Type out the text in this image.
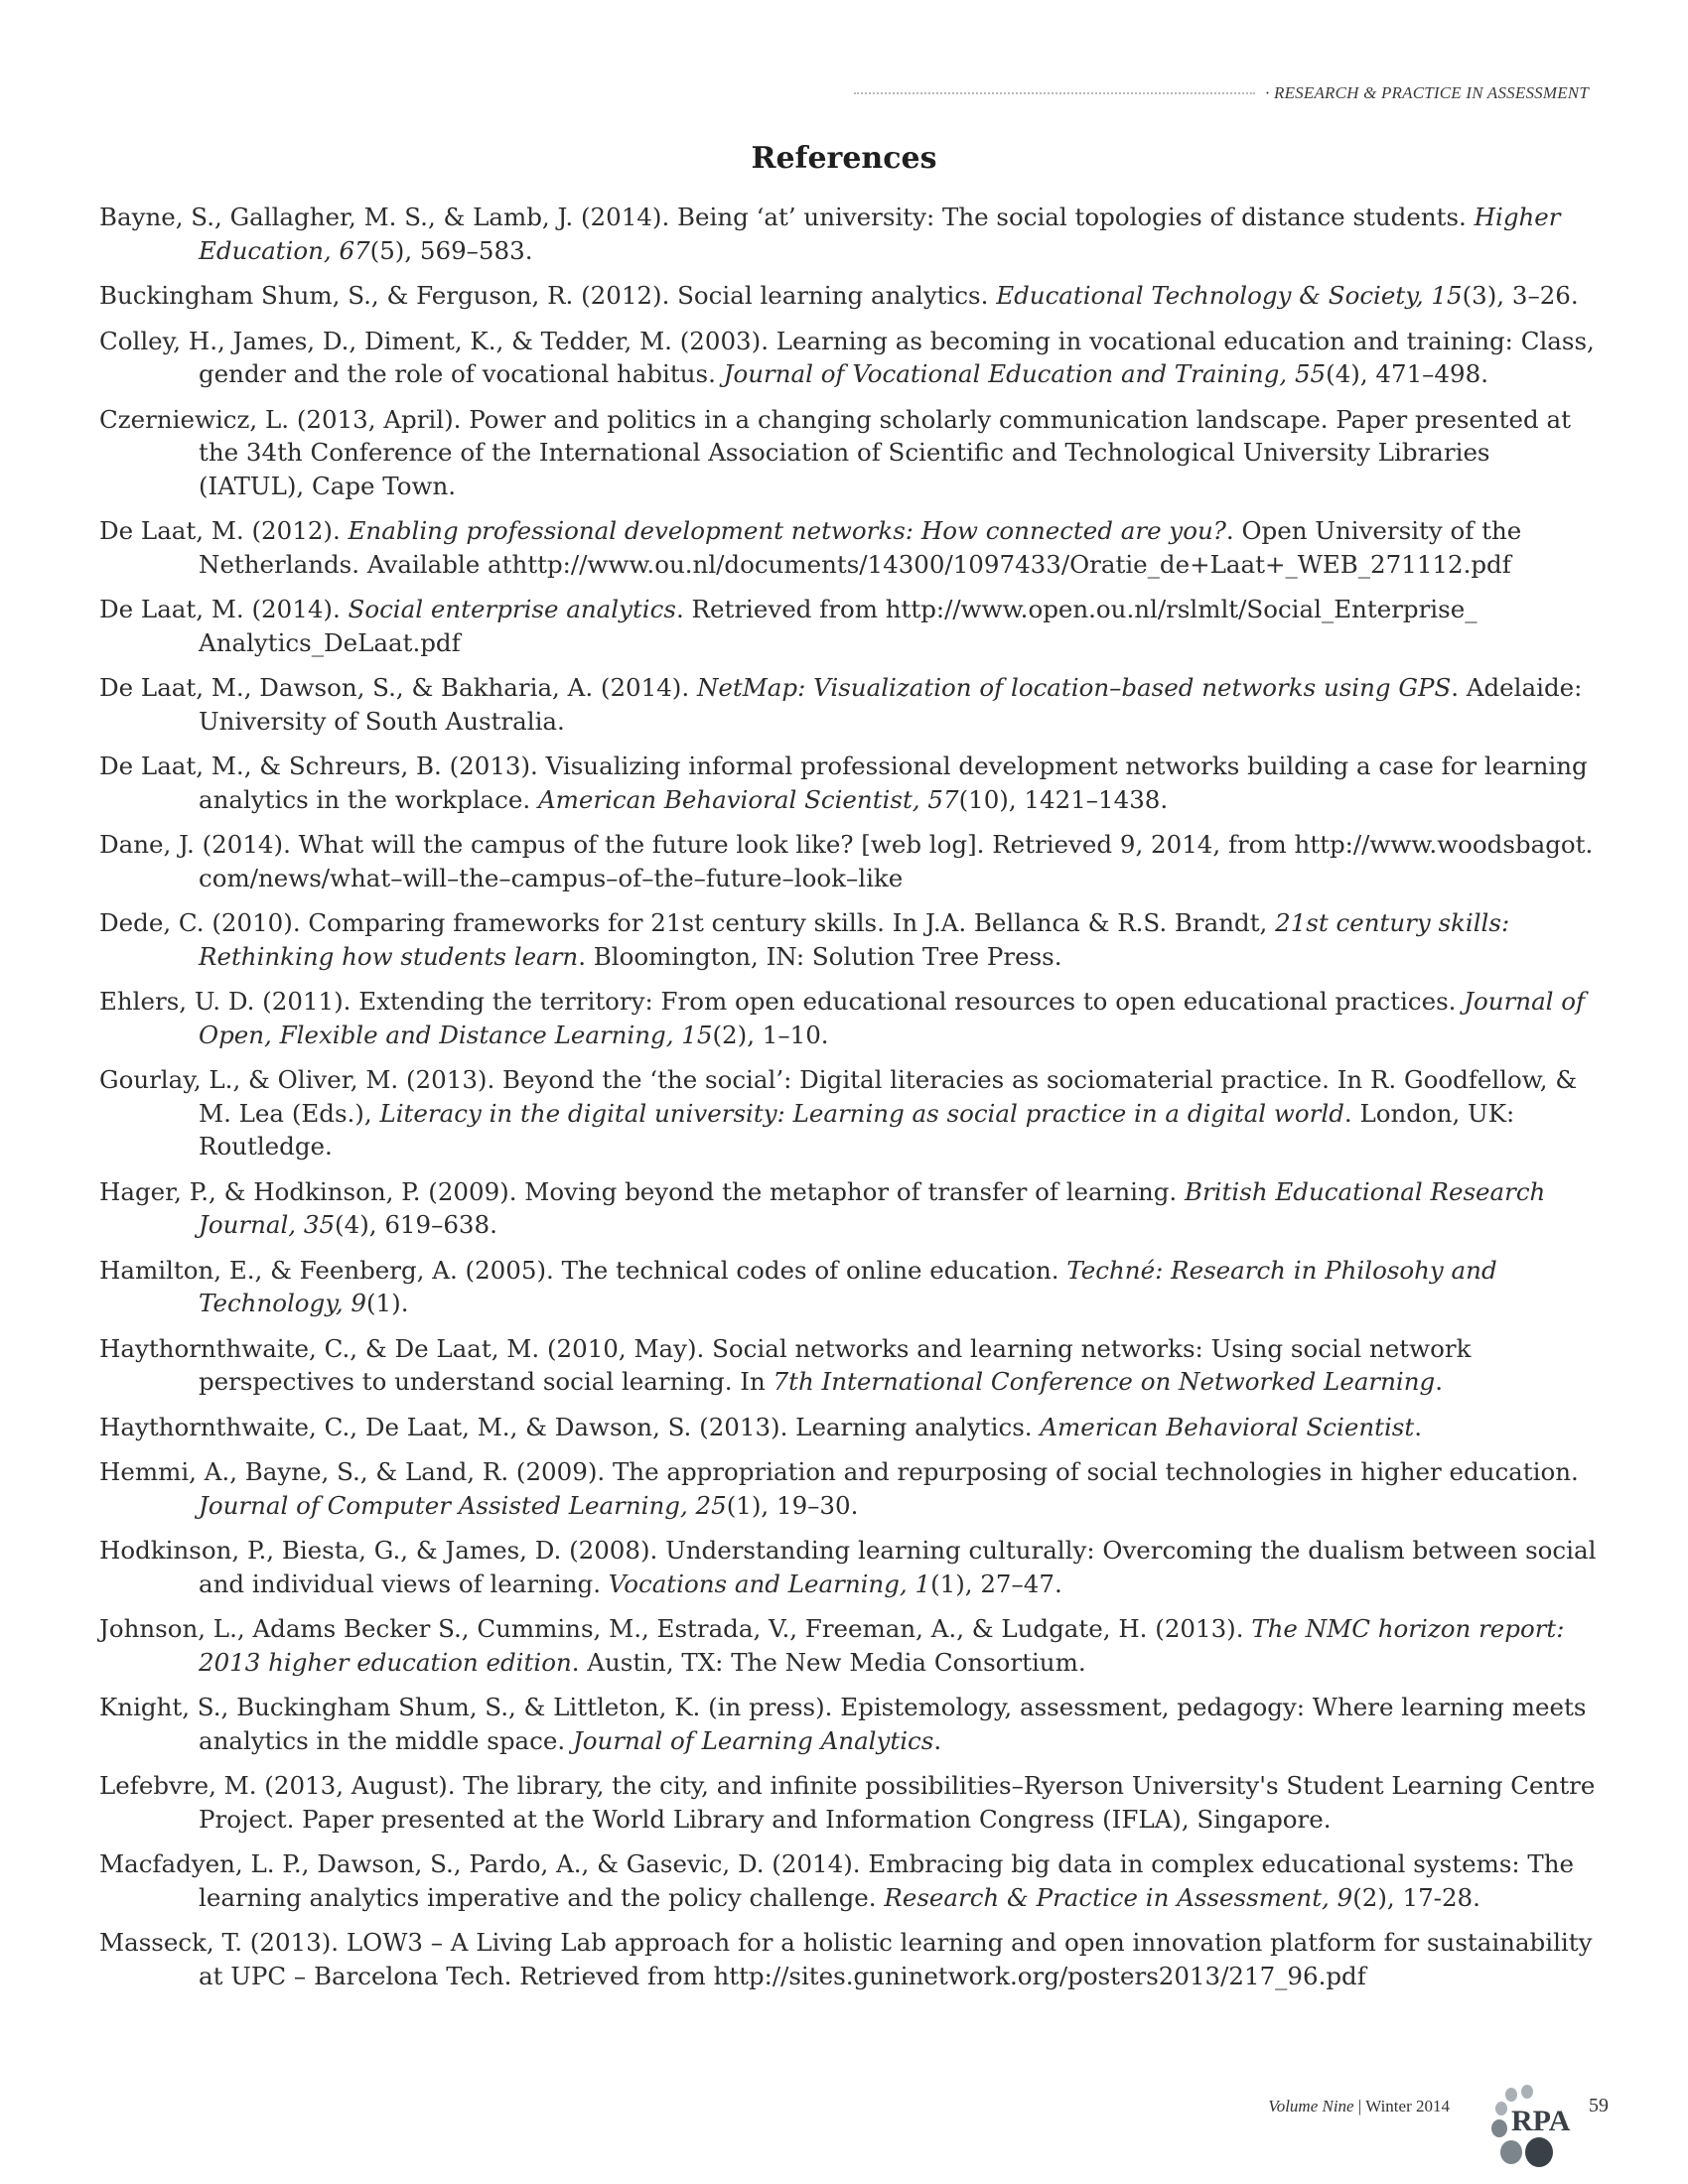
· RESEARCH & PRACTICE IN ASSESSMENT
References
Bayne, S., Gallagher, M. S., & Lamb, J. (2014). Being ‘at’ university: The social topologies of distance students. Higher Education, 67(5), 569–583.
Buckingham Shum, S., & Ferguson, R. (2012). Social learning analytics. Educational Technology & Society, 15(3), 3–26.
Colley, H., James, D., Diment, K., & Tedder, M. (2003). Learning as becoming in vocational education and training: Class, gender and the role of vocational habitus. Journal of Vocational Education and Training, 55(4), 471–498.
Czerniewicz, L. (2013, April). Power and politics in a changing scholarly communication landscape. Paper presented at the 34th Conference of the International Association of Scientific and Technological University Libraries (IATUL), Cape Town.
De Laat, M. (2012). Enabling professional development networks: How connected are you?. Open University of the Netherlands. Available athttp://www.ou.nl/documents/14300/1097433/Oratie_de+Laat+_WEB_271112.pdf
De Laat, M. (2014). Social enterprise analytics. Retrieved from http://www.open.ou.nl/rslmlt/Social_Enterprise_ Analytics_DeLaat.pdf
De Laat, M., Dawson, S., & Bakharia, A. (2014). NetMap: Visualization of location–based networks using GPS. Adelaide: University of South Australia.
De Laat, M., & Schreurs, B. (2013). Visualizing informal professional development networks building a case for learning analytics in the workplace. American Behavioral Scientist, 57(10), 1421–1438.
Dane, J. (2014). What will the campus of the future look like? [web log]. Retrieved 9, 2014, from http://www.woodsbagot. com/news/what–will–the–campus–of–the–future–look–like
Dede, C. (2010). Comparing frameworks for 21st century skills. In J.A. Bellanca & R.S. Brandt, 21st century skills: Rethinking how students learn. Bloomington, IN: Solution Tree Press.
Ehlers, U. D. (2011). Extending the territory: From open educational resources to open educational practices. Journal of Open, Flexible and Distance Learning, 15(2), 1–10.
Gourlay, L., & Oliver, M. (2013). Beyond the ‘the social’: Digital literacies as sociomaterial practice. In R. Goodfellow, & M. Lea (Eds.), Literacy in the digital university: Learning as social practice in a digital world. London, UK: Routledge.
Hager, P., & Hodkinson, P. (2009). Moving beyond the metaphor of transfer of learning. British Educational Research Journal, 35(4), 619–638.
Hamilton, E., & Feenberg, A. (2005). The technical codes of online education. Techné: Research in Philosohy and Technology, 9(1).
Haythornthwaite, C., & De Laat, M. (2010, May). Social networks and learning networks: Using social network perspectives to understand social learning. In 7th International Conference on Networked Learning.
Haythornthwaite, C., De Laat, M., & Dawson, S. (2013). Learning analytics. American Behavioral Scientist.
Hemmi, A., Bayne, S., & Land, R. (2009). The appropriation and repurposing of social technologies in higher education. Journal of Computer Assisted Learning, 25(1), 19–30.
Hodkinson, P., Biesta, G., & James, D. (2008). Understanding learning culturally: Overcoming the dualism between social and individual views of learning. Vocations and Learning, 1(1), 27–47.
Johnson, L., Adams Becker S., Cummins, M., Estrada, V., Freeman, A., & Ludgate, H. (2013). The NMC horizon report: 2013 higher education edition. Austin, TX: The New Media Consortium.
Knight, S., Buckingham Shum, S., & Littleton, K. (in press). Epistemology, assessment, pedagogy: Where learning meets analytics in the middle space. Journal of Learning Analytics.
Lefebvre, M. (2013, August). The library, the city, and infinite possibilities–Ryerson University's Student Learning Centre Project. Paper presented at the World Library and Information Congress (IFLA), Singapore.
Macfadyen, L. P., Dawson, S., Pardo, A., & Gasevic, D. (2014). Embracing big data in complex educational systems: The learning analytics imperative and the policy challenge. Research & Practice in Assessment, 9(2), 17-28.
Masseck, T. (2013). LOW3 – A Living Lab approach for a holistic learning and open innovation platform for sustainability at UPC – Barcelona Tech. Retrieved from http://sites.guninetwork.org/posters2013/217_96.pdf
Volume Nine | Winter 2014 RPA 59
